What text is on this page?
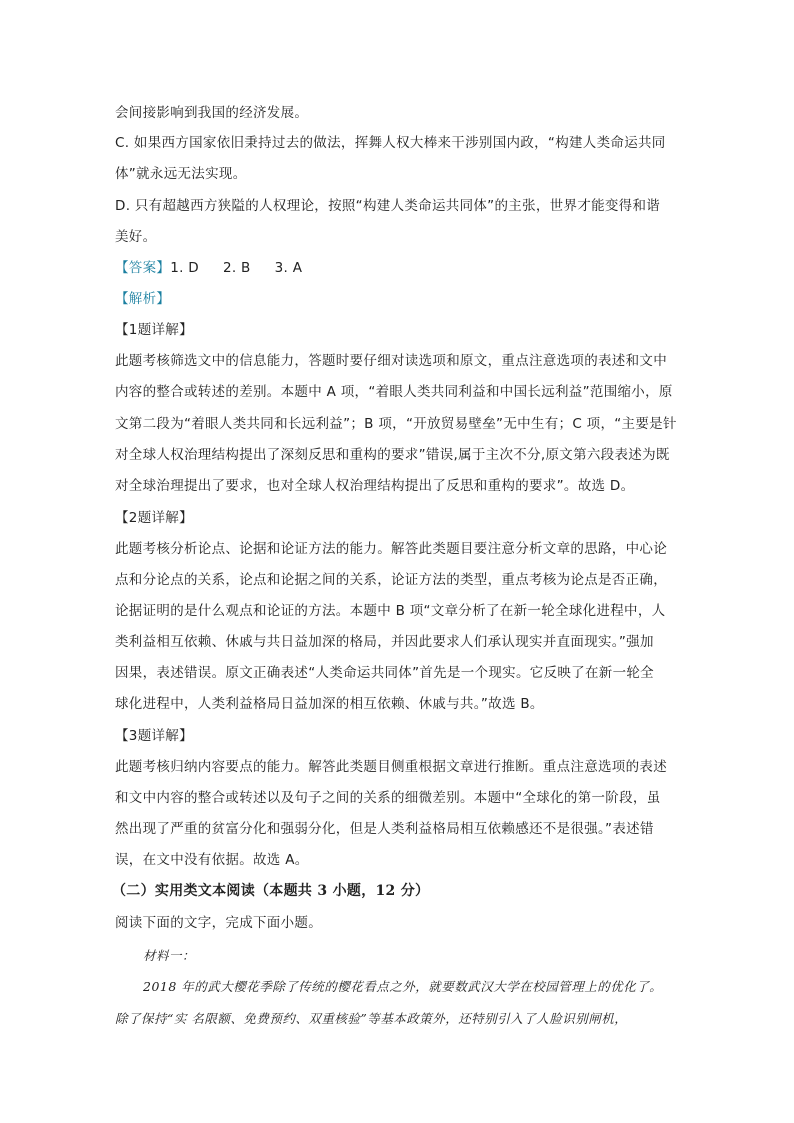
会间接影响到我国的经济发展。
C. 如果西方国家依旧秉持过去的做法，挥舞人权大棒来干涉别国内政，“构建人类命运共同
体”就永远无法实现。
D. 只有超越西方狭隘的人权理论，按照“构建人类命运共同体”的主张，世界才能变得和谐
美好。
【答案】1. D 2. B 3. A
【解析】
【1题详解】
此题考核筛选文中的信息能力，答题时要仔细对读选项和原文，重点注意选项的表述和文中
内容的整合或转述的差别。本题中 A 项，“着眼人类共同利益和中国长远利益”范围缩小，原
文第二段为“着眼人类共同和长远利益”；B 项，“开放贸易壁垒”无中生有；C 项，“主要是针
对全球人权治理结构提出了深刻反思和重构的要求”错误,属于主次不分,原文第六段表述为既
对全球治理提出了要求，也对全球人权治理结构提出了反思和重构的要求”。故选 D。
【2题详解】
此题考核分析论点、论据和论证方法的能力。解答此类题目要注意分析文章的思路，中心论
点和分论点的关系，论点和论据之间的关系，论证方法的类型，重点考核为论点是否正确，
论据证明的是什么观点和论证的方法。本题中 B 项“文章分析了在新一轮全球化进程中，人
类利益相互依赖、休戚与共日益加深的格局，并因此要求人们承认现实并直面现实。”强加
因果，表述错误。原文正确表述“人类命运共同体”首先是一个现实。它反映了在新一轮全
球化进程中，人类利益格局日益加深的相互依赖、休戚与共。”故选 B。
【3题详解】
此题考核归纳内容要点的能力。解答此类题目侧重根据文章进行推断。重点注意选项的表述
和文中内容的整合或转述以及句子之间的关系的细微差别。本题中“全球化的第一阶段，虽
然出现了严重的贫富分化和强弱分化，但是人类利益格局相互依赖感还不是很强。”表述错
误，在文中没有依据。故选 A。
（二）实用类文本阅读（本题共 3 小题，12 分）
阅读下面的文字，完成下面小题。
材料一：
2018 年的武大樱花季除了传统的樱花看点之外，就要数武汉大学在校园管理上的优化了。
除了保持“实 名限额、免费预约、双重核验”等基本政策外，还特别引入了人脸识别闸机，
